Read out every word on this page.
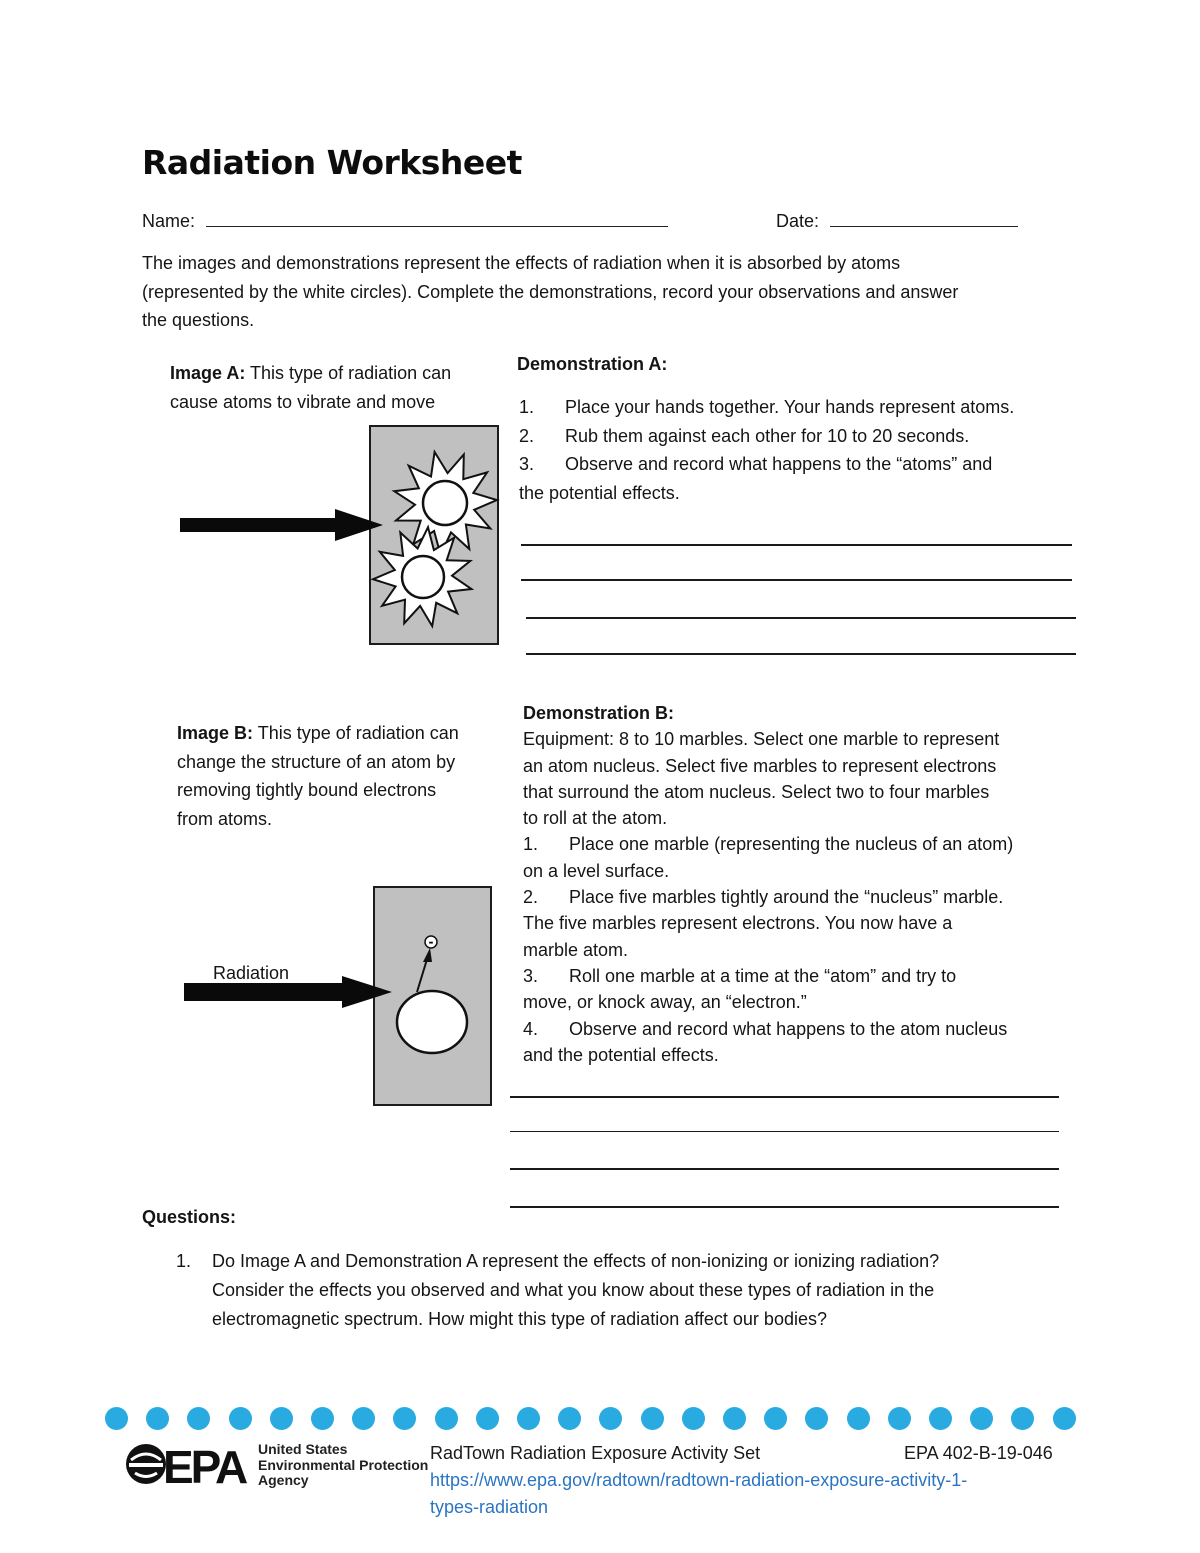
Radiation Worksheet
Name:	Date:
The images and demonstrations represent the effects of radiation when it is absorbed by atoms
(represented by the white circles). Complete the demonstrations, record your observations and answer
the questions.
Image A: This type of radiation can
cause atoms to vibrate and move
Demonstration A:
1. Place your hands together. Your hands represent atoms.
2. Rub them against each other for 10 to 20 seconds.
3. Observe and record what happens to the “atoms” and
the potential effects.
Image B: This type of radiation can
change the structure of an atom by
removing tightly bound electrons
from atoms.
-
Radiation
Demonstration B:
Equipment: 8 to 10 marbles. Select one marble to represent
an atom nucleus. Select five marbles to represent electrons
that surround the atom nucleus. Select two to four marbles
to roll at the atom.
1. Place one marble (representing the nucleus of an atom)
on a level surface.
2. Place five marbles tightly around the “nucleus” marble.
The five marbles represent electrons. You now have a
marble atom.
3. Roll one marble at a time at the “atom” and try to
move, or knock away, an “electron.”
4. Observe and record what happens to the atom nucleus
and the potential effects.
Questions:
1. Do Image A and Demonstration A represent the effects of non-ionizing or ionizing radiation?
Consider the effects you observed and what you know about these types of radiation in the
electromagnetic spectrum. How might this type of radiation affect our bodies?
EPA United States
Environmental Protection
Agency
RadTown Radiation Exposure Activity Set	EPA 402-B-19-046
https://www.epa.gov/radtown/radtown-radiation-exposure-activity-1-
types-radiation
